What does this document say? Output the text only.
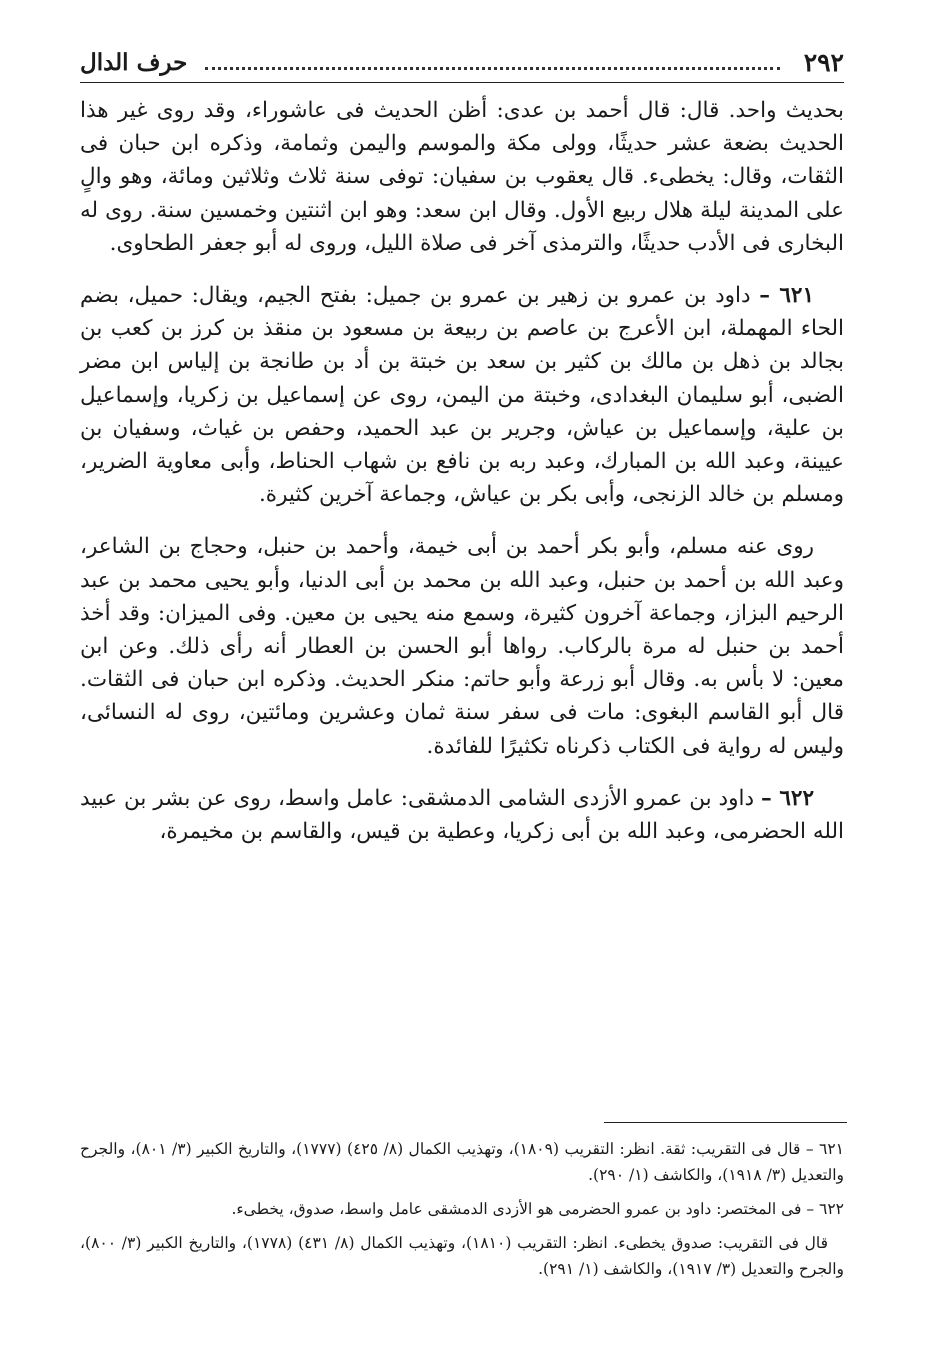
٢٩٢
حرف الدال

بحديث واحد. قال: قال أحمد بن عدى: أظن الحديث فى عاشوراء، وقد روى غير هذا الحديث بضعة عشر حديثًا، وولى مكة والموسم واليمن وثمامة، وذكره ابن حبان فى الثقات، وقال: يخطىء. قال يعقوب بن سفيان: توفى سنة ثلاث وثلاثين ومائة، وهو والٍ على المدينة ليلة هلال ربيع الأول. وقال ابن سعد: وهو ابن اثنتين وخمسين سنة. روى له البخارى فى الأدب حديثًا، والترمذى آخر فى صلاة الليل، وروى له أبو جعفر الطحاوى.

٦٢١ – داود بن عمرو بن زهير بن عمرو بن جميل: بفتح الجيم، ويقال: حميل، بضم الحاء المهملة، ابن الأعرج بن عاصم بن ربيعة بن مسعود بن منقذ بن كرز بن كعب بن بجالد بن ذهل بن مالك بن كثير بن سعد بن خبتة بن أد بن طانجة بن إلياس ابن مضر الضبى، أبو سليمان البغدادى، وخبتة من اليمن، روى عن إسماعيل بن زكريا، وإسماعيل بن علية، وإسماعيل بن عياش، وجرير بن عبد الحميد، وحفص بن غياث، وسفيان بن عيينة، وعبد الله بن المبارك، وعبد ربه بن نافع بن شهاب الحناط، وأبى معاوية الضرير، ومسلم بن خالد الزنجى، وأبى بكر بن عياش، وجماعة آخرين كثيرة.

روى عنه مسلم، وأبو بكر أحمد بن أبى خيمة، وأحمد بن حنبل، وحجاج بن الشاعر، وعبد الله بن أحمد بن حنبل، وعبد الله بن محمد بن أبى الدنيا، وأبو يحيى محمد بن عبد الرحيم البزاز، وجماعة آخرون كثيرة، وسمع منه يحيى بن معين. وفى الميزان: وقد أخذ أحمد بن حنبل له مرة بالركاب. رواها أبو الحسن بن العطار أنه رأى ذلك. وعن ابن معين: لا بأس به. وقال أبو زرعة وأبو حاتم: منكر الحديث. وذكره ابن حبان فى الثقات. قال أبو القاسم البغوى: مات فى سفر سنة ثمان وعشرين ومائتين، روى له النسائى، وليس له رواية فى الكتاب ذكرناه تكثيرًا للفائدة.

٦٢٢ – داود بن عمرو الأزدى الشامى الدمشقى: عامل واسط، روى عن بشر بن عبيد الله الحضرمى، وعبد الله بن أبى زكريا، وعطية بن قيس، والقاسم بن مخيمرة،

٦٢١ – قال فى التقريب: ثقة. انظر: التقريب (١٨٠٩)، وتهذيب الكمال (٨/ ٤٢٥) (١٧٧٧)، والتاريخ الكبير (٣/ ٨٠١)، والجرح والتعديل (٣/ ١٩١٨)، والكاشف (١/ ٢٩٠).

٦٢٢ – فى المختصر: داود بن عمرو الحضرمى هو الأزدى الدمشقى عامل واسط، صدوق، يخطىء.

قال فى التقريب: صدوق يخطىء. انظر: التقريب (١٨١٠)، وتهذيب الكمال (٨/ ٤٣١) (١٧٧٨)، والتاريخ الكبير (٣/ ٨٠٠)، والجرح والتعديل (٣/ ١٩١٧)، والكاشف (١/ ٢٩١).
